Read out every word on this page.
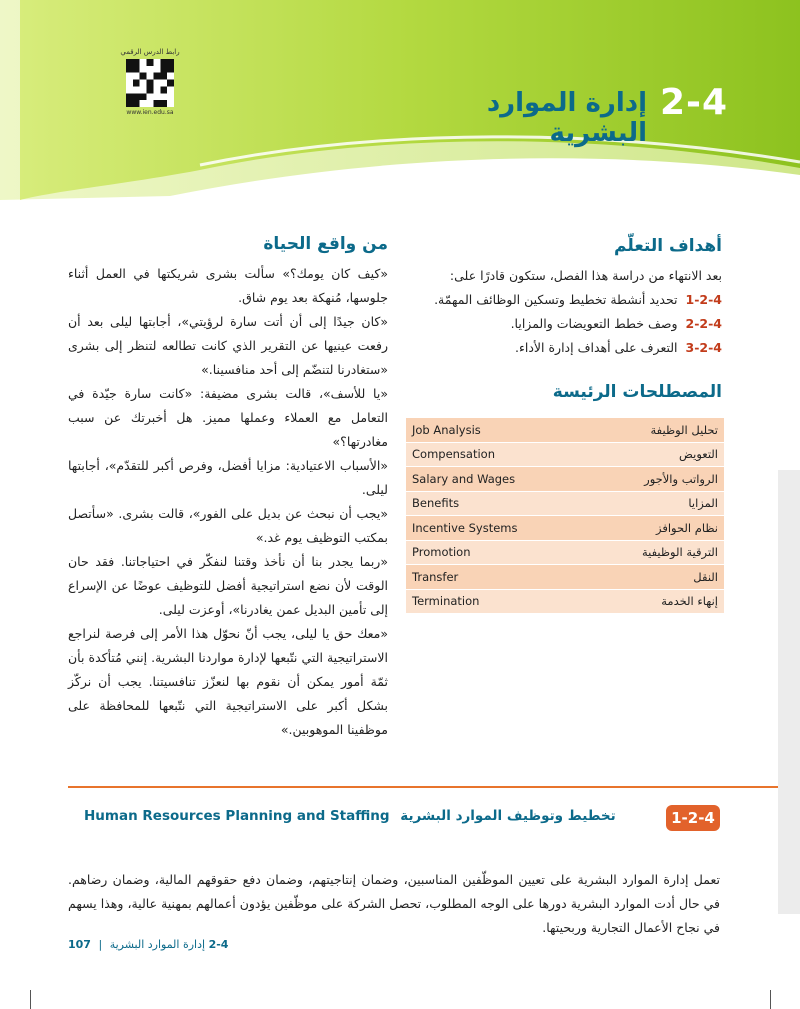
رابط الدرس الرقمي
www.ien.edu.sa	2-4
إدارة الموارد البشرية
أهداف التعلّم
بعد الانتهاء من دراسة هذا الفصل، ستكون قادرًا على:
1-2-4تحديد أنشطة تخطيط وتسكين الوظائف المهمّة.
2-2-4وصف خطط التعويضات والمزايا.
3-2-4التعرف على أهداف إدارة الأداء.
المصطلحات الرئيسة
Job Analysis	تحليل الوظيفة
Compensation	التعويض
Salary and Wages	الرواتب والأجور
Benefits	المزايا
Incentive Systems	نظام الحوافز
Promotion	الترقية الوظيفية
Transfer	النقل
Termination	إنهاء الخدمة
من واقع الحياة

«كيف كان يومك؟» سألت بشرى شريكتها في العمل أثناء جلوسها، مُنهكة بعد يوم شاق.

«كان جيدًا إلى أن أتت سارة لرؤيتي»، أجابتها ليلى بعد أن رفعت عينيها عن التقرير الذي كانت تطالعه لتنظر إلى بشرى «ستغادرنا لتنضّم إلى أحد منافسينا.»

«يا للأسف»، قالت بشرى مضيفة: «كانت سارة جيّدة في التعامل مع العملاء وعملها مميز. هل أخبرتك عن سبب مغادرتها؟»

«الأسباب الاعتيادية: مزايا أفضل، وفرص أكبر للتقدّم»، أجابتها ليلى.

«يجب أن نبحث عن بديل على الفور»، قالت بشرى. «سأتصل بمكتب التوظيف يوم غد.»

«ربما يجدر بنا أن نأخذ وقتنا لنفكّر في احتياجاتنا. فقد حان الوقت لأن نضع استراتيجية أفضل للتوظيف عوضًا عن الإسراع إلى تأمين البديل عمن يغادرنا»، أوعزت ليلى.

«معك حق يا ليلى، يجب أنّ نحوّل هذا الأمر إلى فرصة لنراجع الاستراتيجية التي نتّبعها لإدارة مواردنا البشرية. إنني مُتأكدة بأن ثمّة أمور يمكن أن نقوم بها لنعزّز تنافسيتنا. يجب أن نركّز بشكل أكبر على الاستراتيجية التي نتّبعها للمحافظة على موظفينا الموهوبين.»

1-2-4
Human Resources Planning and Staffing تخطيط وتوظيف الموارد البشرية
تعمل إدارة الموارد البشرية على تعيين الموظّفين المناسبين، وضمان إنتاجيتهم، وضمان دفع حقوقهم المالية، وضمان رضاهم. في حال أدت الموارد البشرية دورها على الوجه المطلوب، تحصل الشركة على موظّفين يؤدون أعمالهم بمهنية عالية، وهذا يسهم في نجاح الأعمال التجارية وربحيتها.
2-4 إدارة الموارد البشرية | 107
